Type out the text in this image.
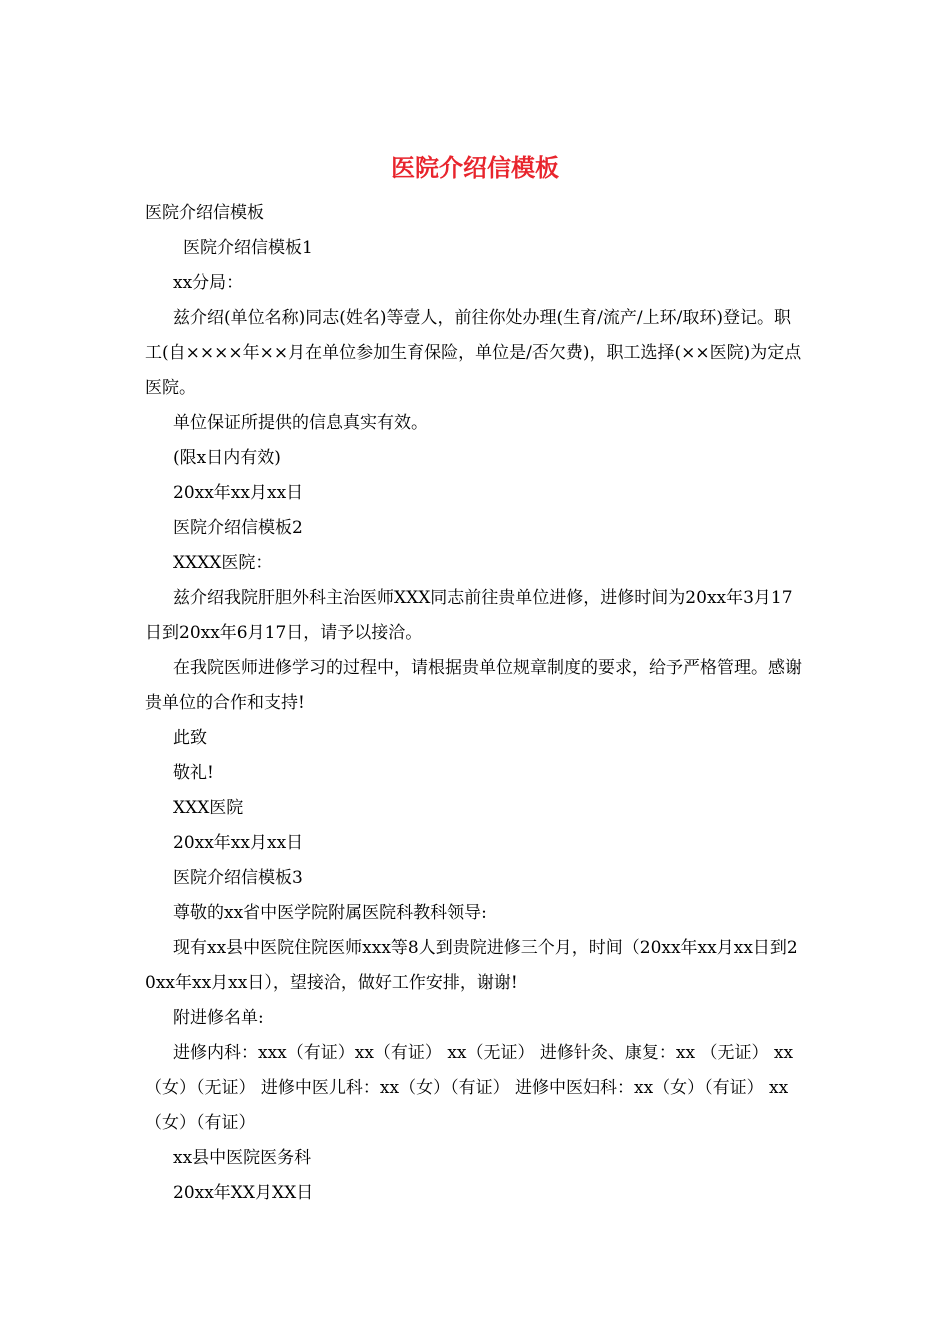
医院介绍信模板

医院介绍信模板

医院介绍信模板1

xx分局：

兹介绍(单位名称)同志(姓名)等壹人，前往你处办理(生育/流产/上环/取环)登记。职工(自××××年××月在单位参加生育保险，单位是/否欠费)，职工选择(××医院)为定点医院。

单位保证所提供的信息真实有效。

(限x日内有效)

20xx年xx月xx日

医院介绍信模板2

XXXX医院：

兹介绍我院肝胆外科主治医师XXX同志前往贵单位进修，进修时间为20xx年3月17日到20xx年6月17日，请予以接洽。

在我院医师进修学习的过程中，请根据贵单位规章制度的要求，给予严格管理。感谢贵单位的合作和支持!

此致

敬礼!

XXX医院

20xx年xx月xx日

医院介绍信模板3

尊敬的xx省中医学院附属医院科教科领导:

现有xx县中医院住院医师xxx等8人到贵院进修三个月，时间（20xx年xx月xx日到20xx年xx月xx日），望接洽，做好工作安排，谢谢!

附进修名单:

进修内科：xxx（有证）xx（有证） xx（无证） 进修针灸、康复：xx （无证） xx（女）（无证） 进修中医儿科：xx（女）（有证） 进修中医妇科：xx（女）（有证） xx（女）（有证）

xx县中医院医务科

20xx年XX月XX日
